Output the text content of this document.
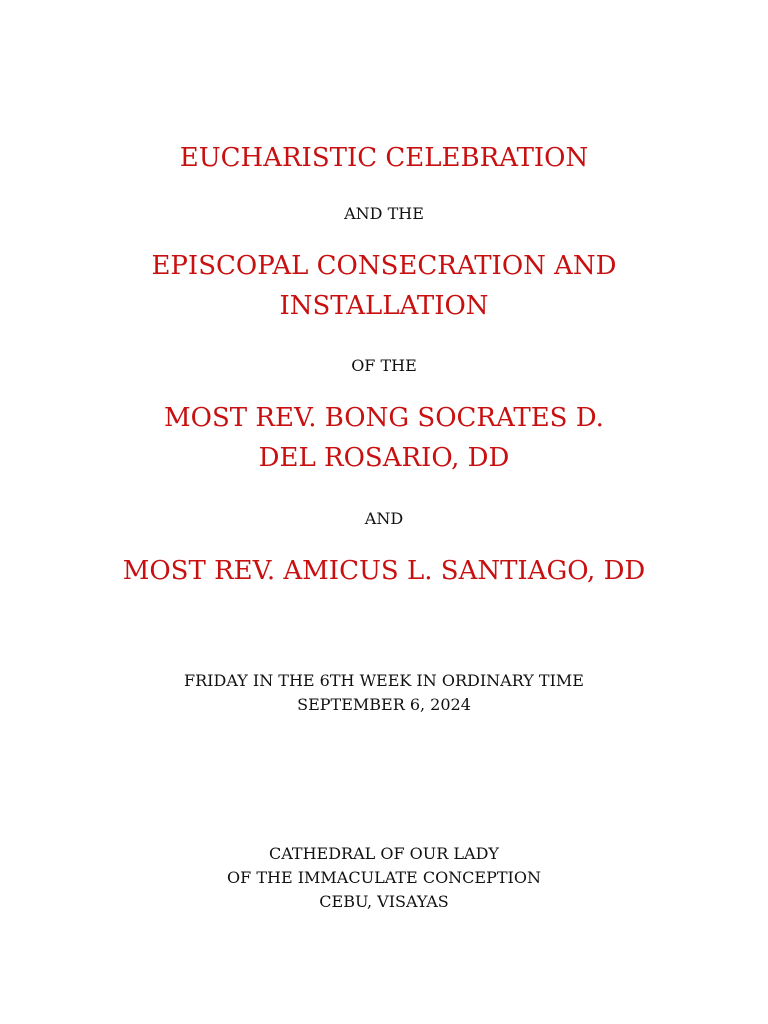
EUCHARISTIC CELEBRATION
AND THE
EPISCOPAL CONSECRATION AND
INSTALLATION
OF THE
MOST REV. BONG SOCRATES D.
DEL ROSARIO, DD
AND
MOST REV. AMICUS L. SANTIAGO, DD
FRIDAY IN THE 6TH WEEK IN ORDINARY TIME
SEPTEMBER 6, 2024
CATHEDRAL OF OUR LADY
OF THE IMMACULATE CONCEPTION
CEBU, VISAYAS
